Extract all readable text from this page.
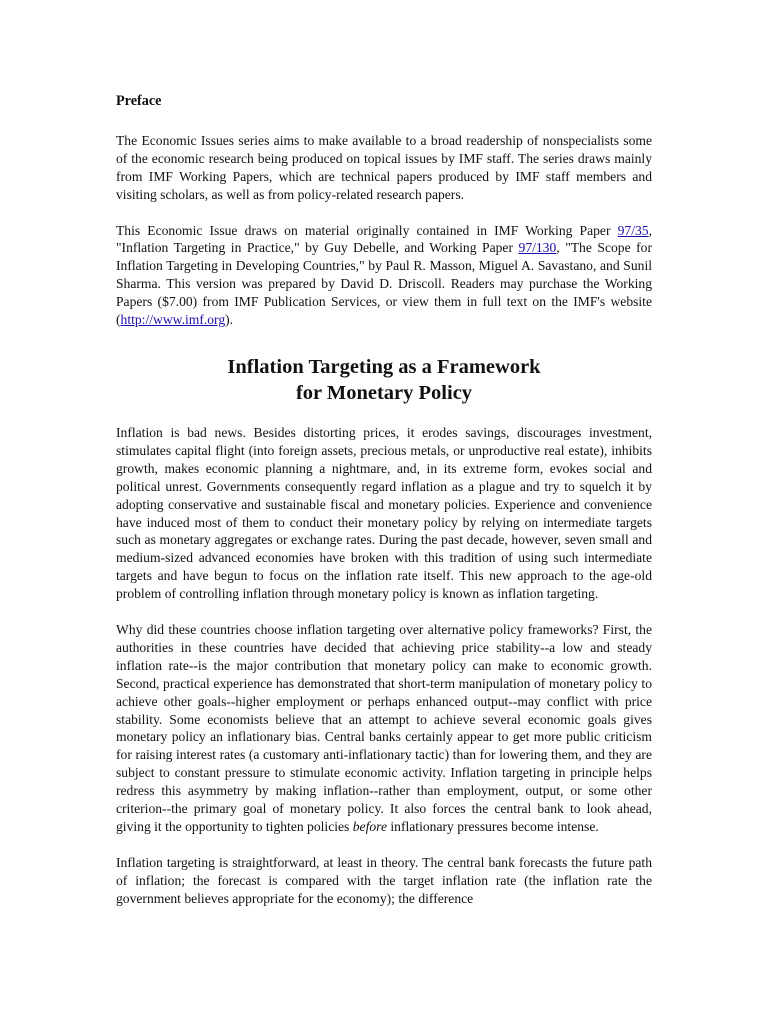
Preface

The Economic Issues series aims to make available to a broad readership of nonspecialists some of the economic research being produced on topical issues by IMF staff. The series draws mainly from IMF Working Papers, which are technical papers produced by IMF staff members and visiting scholars, as well as from policy-related research papers.

This Economic Issue draws on material originally contained in IMF Working Paper 97/35, "Inflation Targeting in Practice," by Guy Debelle, and Working Paper 97/130, "The Scope for Inflation Targeting in Developing Countries," by Paul R. Masson, Miguel A. Savastano, and Sunil Sharma. This version was prepared by David D. Driscoll. Readers may purchase the Working Papers ($7.00) from IMF Publication Services, or view them in full text on the IMF's website (http://www.imf.org).

Inflation Targeting as a Framework
for Monetary Policy

Inflation is bad news. Besides distorting prices, it erodes savings, discourages investment, stimulates capital flight (into foreign assets, precious metals, or unproductive real estate), inhibits growth, makes economic planning a nightmare, and, in its extreme form, evokes social and political unrest. Governments consequently regard inflation as a plague and try to squelch it by adopting conservative and sustainable fiscal and monetary policies. Experience and convenience have induced most of them to conduct their monetary policy by relying on intermediate targets such as monetary aggregates or exchange rates. During the past decade, however, seven small and medium-sized advanced economies have broken with this tradition of using such intermediate targets and have begun to focus on the inflation rate itself. This new approach to the age-old problem of controlling inflation through monetary policy is known as inflation targeting.

Why did these countries choose inflation targeting over alternative policy frameworks? First, the authorities in these countries have decided that achieving price stability--a low and steady inflation rate--is the major contribution that monetary policy can make to economic growth. Second, practical experience has demonstrated that short-term manipulation of monetary policy to achieve other goals--higher employment or perhaps enhanced output--may conflict with price stability. Some economists believe that an attempt to achieve several economic goals gives monetary policy an inflationary bias. Central banks certainly appear to get more public criticism for raising interest rates (a customary anti-inflationary tactic) than for lowering them, and they are subject to constant pressure to stimulate economic activity. Inflation targeting in principle helps redress this asymmetry by making inflation--rather than employment, output, or some other criterion--the primary goal of monetary policy. It also forces the central bank to look ahead, giving it the opportunity to tighten policies before inflationary pressures become intense.

Inflation targeting is straightforward, at least in theory. The central bank forecasts the future path of inflation; the forecast is compared with the target inflation rate (the inflation rate the government believes appropriate for the economy); the difference
